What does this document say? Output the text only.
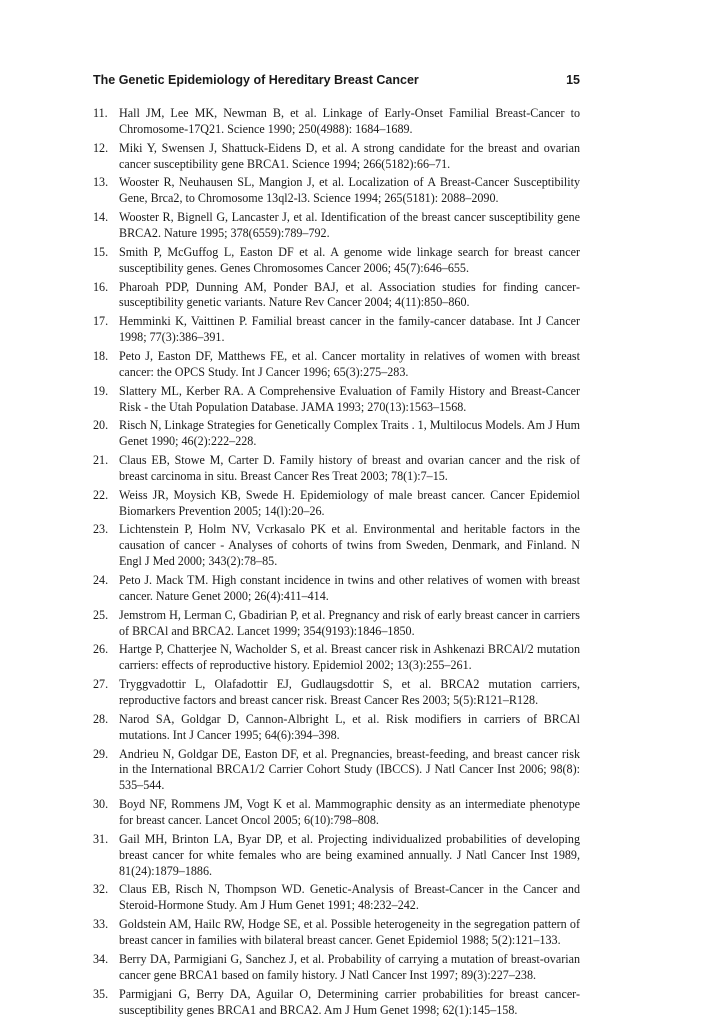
The Genetic Epidemiology of Hereditary Breast Cancer	15
11. Hall JM, Lee MK, Newman B, et al. Linkage of Early-Onset Familial Breast-Cancer to Chromosome-17Q21. Science 1990; 250(4988): 1684–1689.
12. Miki Y, Swensen J, Shattuck-Eidens D, et al. A strong candidate for the breast and ovarian cancer susceptibility gene BRCA1. Science 1994; 266(5182):66–71.
13. Wooster R, Neuhausen SL, Mangion J, et al. Localization of A Breast-Cancer Susceptibility Gene, Brca2, to Chromosome 13ql2-l3. Science 1994; 265(5181): 2088–2090.
14. Wooster R, Bignell G, Lancaster J, et al. Identification of the breast cancer susceptibility gene BRCA2. Nature 1995; 378(6559):789–792.
15. Smith P, McGuffog L, Easton DF et al. A genome wide linkage search for breast cancer susceptibility genes. Genes Chromosomes Cancer 2006; 45(7):646–655.
16. Pharoah PDP, Dunning AM, Ponder BAJ, et al. Association studies for finding cancer-susceptibility genetic variants. Nature Rev Cancer 2004; 4(11):850–860.
17. Hemminki K, Vaittinen P. Familial breast cancer in the family-cancer database. Int J Cancer 1998; 77(3):386–391.
18. Peto J, Easton DF, Matthews FE, et al. Cancer mortality in relatives of women with breast cancer: the OPCS Study. Int J Cancer 1996; 65(3):275–283.
19. Slattery ML, Kerber RA. A Comprehensive Evaluation of Family History and Breast-Cancer Risk - the Utah Population Database. JAMA 1993; 270(13):1563–1568.
20. Risch N, Linkage Strategies for Genetically Complex Traits . 1, Multilocus Models. Am J Hum Genet 1990; 46(2):222–228.
21. Claus EB, Stowe M, Carter D. Family history of breast and ovarian cancer and the risk of breast carcinoma in situ. Breast Cancer Res Treat 2003; 78(1):7–15.
22. Weiss JR, Moysich KB, Swede H. Epidemiology of male breast cancer. Cancer Epidemiol Biomarkers Prevention 2005; 14(l):20–26.
23. Lichtenstein P, Holm NV, Vcrkasalo PK et al. Environmental and heritable factors in the causation of cancer - Analyses of cohorts of twins from Sweden, Denmark, and Finland. N Engl J Med 2000; 343(2):78–85.
24. Peto J. Mack TM. High constant incidence in twins and other relatives of women with breast cancer. Nature Genet 2000; 26(4):411–414.
25. Jemstrom H, Lerman C, Gbadirian P, et al. Pregnancy and risk of early breast cancer in carriers of BRCAl and BRCA2. Lancet 1999; 354(9193):1846–1850.
26. Hartge P, Chatterjee N, Wacholder S, et al. Breast cancer risk in Ashkenazi BRCAl/2 mutation carriers: effects of reproductive history. Epidemiol 2002; 13(3):255–261.
27. Tryggvadottir L, Olafadottir EJ, Gudlaugsdottir S, et al. BRCA2 mutation carriers, reproductive factors and breast cancer risk. Breast Cancer Res 2003; 5(5):R121–R128.
28. Narod SA, Goldgar D, Cannon-Albright L, et al. Risk modifiers in carriers of BRCAl mutations. Int J Cancer 1995; 64(6):394–398.
29. Andrieu N, Goldgar DE, Easton DF, et al. Pregnancies, breast-feeding, and breast cancer risk in the International BRCA1/2 Carrier Cohort Study (IBCCS). J Natl Cancer Inst 2006; 98(8): 535–544.
30. Boyd NF, Rommens JM, Vogt K et al. Mammographic density as an intermediate phenotype for breast cancer. Lancet Oncol 2005; 6(10):798–808.
31. Gail MH, Brinton LA, Byar DP, et al. Projecting individualized probabilities of developing breast cancer for white females who are being examined annually. J Natl Cancer Inst 1989, 81(24):1879–1886.
32. Claus EB, Risch N, Thompson WD. Genetic-Analysis of Breast-Cancer in the Cancer and Steroid-Hormone Study. Am J Hum Genet 1991; 48:232–242.
33. Goldstein AM, Hailc RW, Hodge SE, et al. Possible heterogeneity in the segregation pattern of breast cancer in families with bilateral breast cancer. Genet Epidemiol 1988; 5(2):121–133.
34. Berry DA, Parmigiani G, Sanchez J, et al. Probability of carrying a mutation of breast-ovarian cancer gene BRCA1 based on family history. J Natl Cancer Inst 1997; 89(3):227–238.
35. Parmigjani G, Berry DA, Aguilar O, Determining carrier probabilities for breast cancer-susceptibility genes BRCA1 and BRCA2. Am J Hum Genet 1998; 62(1):145–158.
